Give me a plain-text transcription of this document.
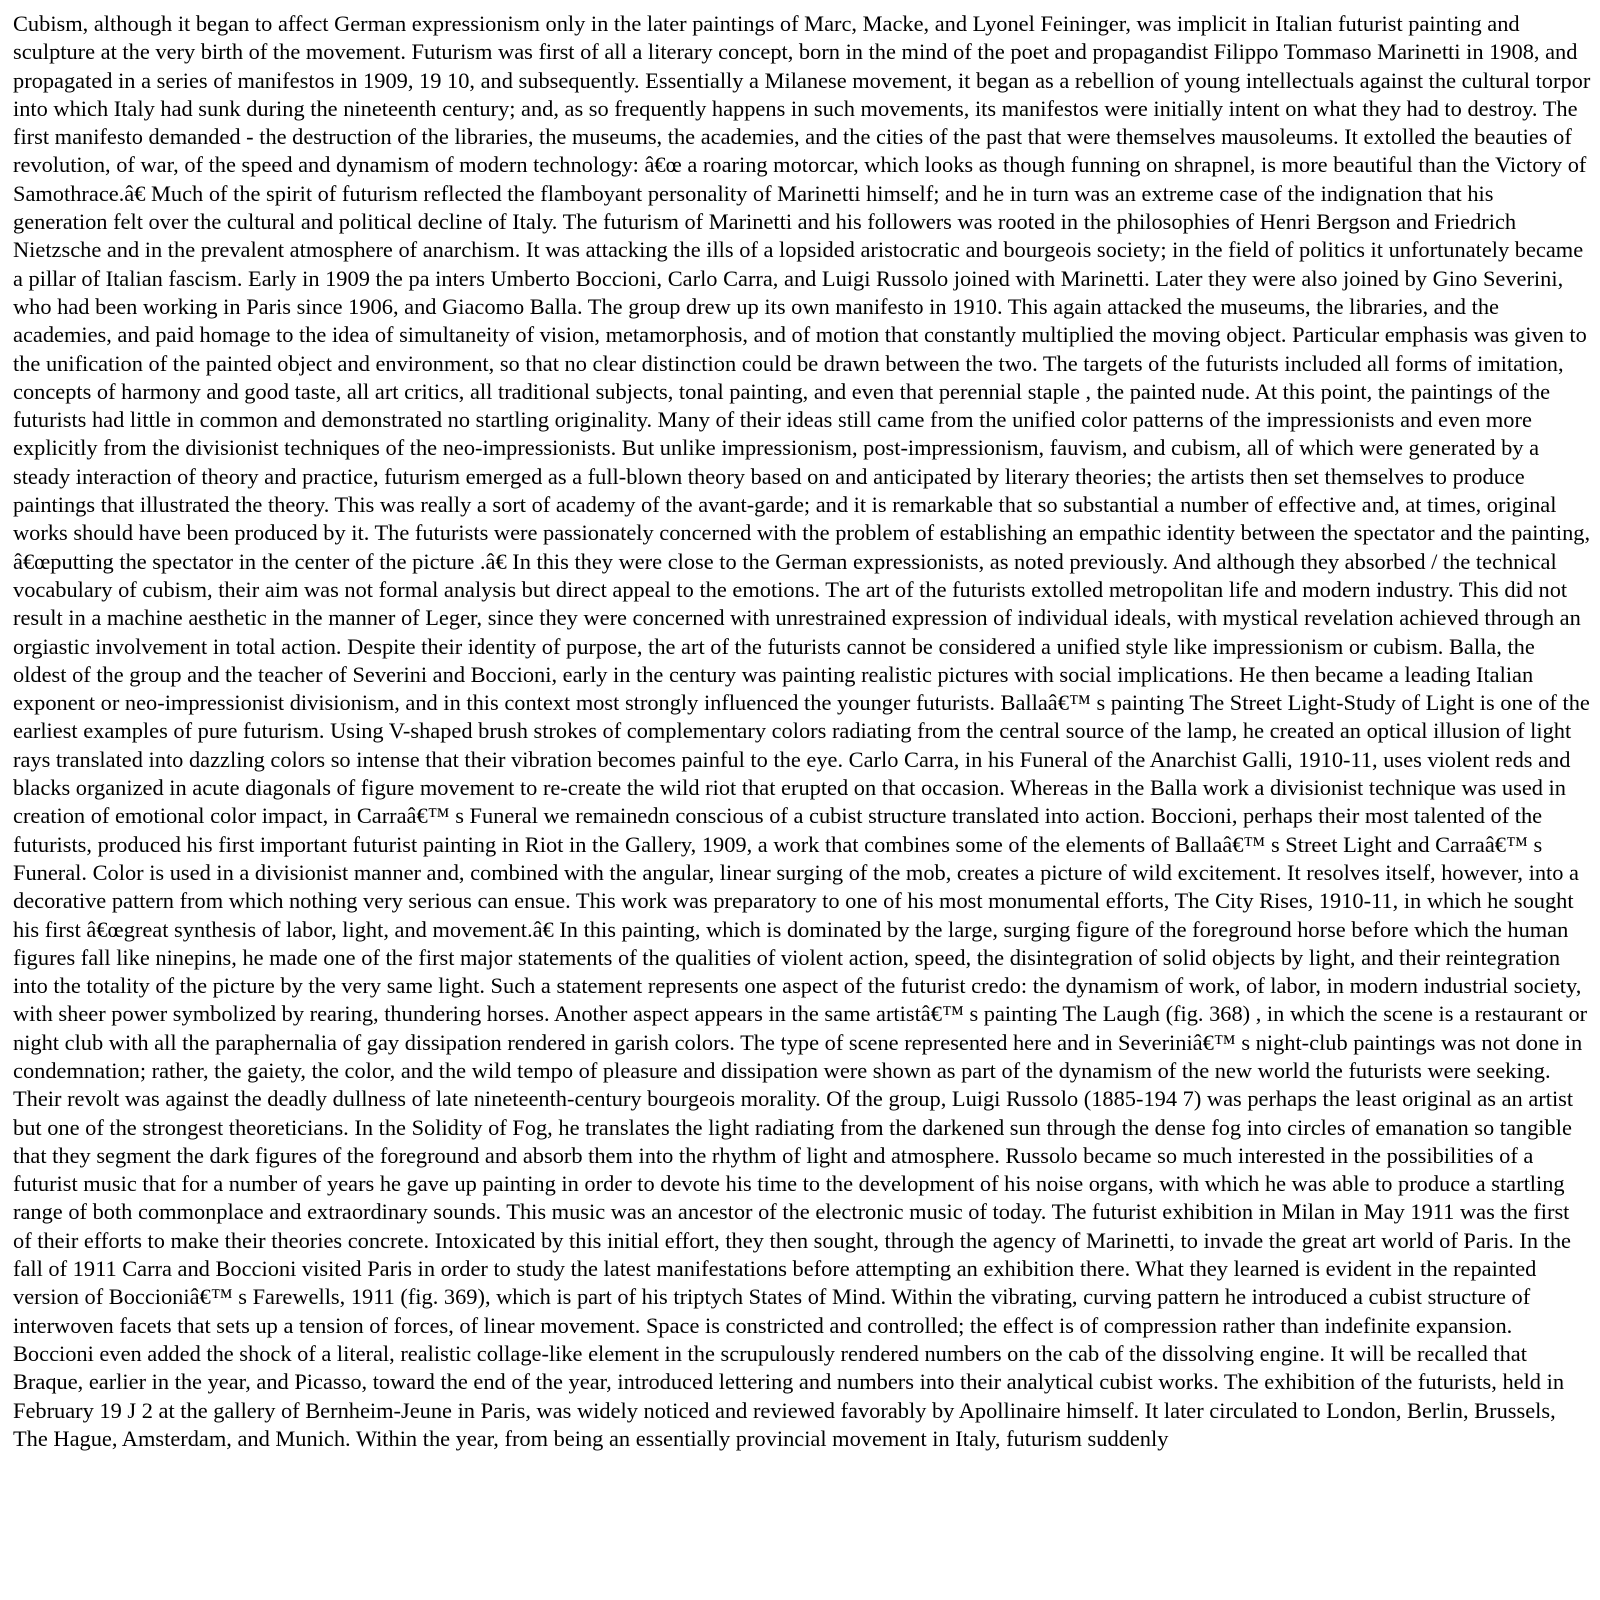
Cubism, although it began to affect German expressionism only in the later paintings of Marc, Macke, and Lyonel Feininger, was implicit in Italian futurist painting and sculpture at the very birth of the movement. Futurism was first of all a literary concept, born in the mind of the poet and propagandist Filippo Tommaso Marinetti in 1908, and propagated in a series of manifestos in 1909, 19 10, and subsequently. Essentially a Milanese movement, it began as a rebellion of young intellectuals against the cultural torpor into which Italy had sunk during the nineteenth century; and, as so frequently happens in such movements, its manifestos were initially intent on what they had to destroy. The first manifesto demanded - the destruction of the libraries, the museums, the academies, and the cities of the past that were themselves mausoleums. It extolled the beauties of revolution, of war, of the speed and dynamism of modern technology: â€œ a roaring motorcar, which looks as though funning on shrapnel, is more beautiful than the Victory of Samothrace.â€ Much of the spirit of futurism reflected the flamboyant personality of Marinetti himself; and he in turn was an extreme case of the indignation that his generation felt over the cultural and political decline of Italy. The futurism of Marinetti and his followers was rooted in the philosophies of Henri Bergson and Friedrich Nietzsche and in the prevalent atmosphere of anarchism. It was attacking the ills of a lopsided aristocratic and bourgeois society; in the field of politics it unfortunately became a pillar of Italian fascism. Early in 1909 the pa inters Umberto Boccioni, Carlo Carra, and Luigi Russolo joined with Marinetti. Later they were also joined by Gino Severini, who had been working in Paris since 1906, and Giacomo Balla. The group drew up its own manifesto in 1910. This again attacked the museums, the libraries, and the academies, and paid homage to the idea of simultaneity of vision, metamorphosis, and of motion that constantly multiplied the moving object. Particular emphasis was given to the unification of the painted object and environment, so that no clear distinction could be drawn between the two. The targets of the futurists included all forms of imitation, concepts of harmony and good taste, all art critics, all traditional subjects, tonal painting, and even that perennial staple , the painted nude. At this point, the paintings of the futurists had little in common and demonstrated no startling originality. Many of their ideas still came from the unified color patterns of the impressionists and even more explicitly from the divisionist techniques of the neo-impressionists. But unlike impressionism, post-impressionism, fauvism, and cubism, all of which were generated by a steady interaction of theory and practice, futurism emerged as a full-blown theory based on and anticipated by literary theories; the artists then set themselves to produce paintings that illustrated the theory. This was really a sort of academy of the avant-garde; and it is remarkable that so substantial a number of effective and, at times, original works should have been produced by it. The futurists were passionately concerned with the problem of establishing an empathic identity between the spectator and the painting, â€œputting the spectator in the center of the picture .â€ In this they were close to the German expressionists, as noted previously. And although they absorbed / the technical vocabulary of cubism, their aim was not formal analysis but direct appeal to the emotions. The art of the futurists extolled metropolitan life and modern industry. This did not result in a machine aesthetic in the manner of Leger, since they were concerned with unrestrained expression of individual ideals, with mystical revelation achieved through an orgiastic involvement in total action. Despite their identity of purpose, the art of the futurists cannot be considered a unified style like impressionism or cubism. Balla, the oldest of the group and the teacher of Severini and Boccioni, early in the century was painting realistic pictures with social implications. He then became a leading Italian exponent or neo-impressionist divisionism, and in this context most strongly influenced the younger futurists. Ballaâ€™ s painting The Street Light-Study of Light is one of the earliest examples of pure futurism. Using V-shaped brush strokes of complementary colors radiating from the central source of the lamp, he created an optical illusion of light rays translated into dazzling colors so intense that their vibration becomes painful to the eye. Carlo Carra, in his Funeral of the Anarchist Galli, 1910-11, uses violent reds and blacks organized in acute diagonals of figure movement to re-create the wild riot that erupted on that occasion. Whereas in the Balla work a divisionist technique was used in creation of emotional color impact, in Carraâ€™ s Funeral we remainedn conscious of a cubist structure translated into action. Boccioni, perhaps their most talented of the futurists, produced his first important futurist painting in Riot in the Gallery, 1909, a work that combines some of the elements of Ballaâ€™ s Street Light and Carraâ€™ s Funeral. Color is used in a divisionist manner and, combined with the angular, linear surging of the mob, creates a picture of wild excitement. It resolves itself, however, into a decorative pattern from which nothing very serious can ensue. This work was preparatory to one of his most monumental efforts, The City Rises, 1910-11, in which he sought his first â€œgreat synthesis of labor, light, and movement.â€ In this painting, which is dominated by the large, surging figure of the foreground horse before which the human figures fall like ninepins, he made one of the first major statements of the qualities of violent action, speed, the disintegration of solid objects by light, and their reintegration into the totality of the picture by the very same light. Such a statement represents one aspect of the futurist credo: the dynamism of work, of labor, in modern industrial society, with sheer power symbolized by rearing, thundering horses. Another aspect appears in the same artistâ€™ s painting The Laugh (fig. 368) , in which the scene is a restaurant or night club with all the paraphernalia of gay dissipation rendered in garish colors. The type of scene represented here and in Severiniâ€™ s night-club paintings was not done in condemnation; rather, the gaiety, the color, and the wild tempo of pleasure and dissipation were shown as part of the dynamism of the new world the futurists were seeking. Their revolt was against the deadly dullness of late nineteenth-century bourgeois morality. Of the group, Luigi Russolo (1885-194 7) was perhaps the least original as an artist but one of the strongest theoreticians. In the Solidity of Fog, he translates the light radiating from the darkened sun through the dense fog into circles of emanation so tangible that they segment the dark figures of the foreground and absorb them into the rhythm of light and atmosphere. Russolo became so much interested in the possibilities of a futurist music that for a number of years he gave up painting in order to devote his time to the development of his noise organs, with which he was able to produce a startling range of both commonplace and extraordinary sounds. This music was an ancestor of the electronic music of today. The futurist exhibition in Milan in May 1911 was the first of their efforts to make their theories concrete. Intoxicated by this initial effort, they then sought, through the agency of Marinetti, to invade the great art world of Paris. In the fall of 1911 Carra and Boccioni visited Paris in order to study the latest manifestations before attempting an exhibition there. What they learned is evident in the repainted version of Boccioniâ€™ s Farewells, 1911 (fig. 369), which is part of his triptych States of Mind. Within the vibrating, curving pattern he introduced a cubist structure of interwoven facets that sets up a tension of forces, of linear movement. Space is constricted and controlled; the effect is of compression rather than indefinite expansion. Boccioni even added the shock of a literal, realistic collage-like element in the scrupulously rendered numbers on the cab of the dissolving engine. It will be recalled that Braque, earlier in the year, and Picasso, toward the end of the year, introduced lettering and numbers into their analytical cubist works. The exhibition of the futurists, held in February 19 J 2 at the gallery of Bernheim-Jeune in Paris, was widely noticed and reviewed favorably by Apollinaire himself. It later circulated to London, Berlin, Brussels, The Hague, Amsterdam, and Munich. Within the year, from being an essentially provincial movement in Italy, futurism suddenly
